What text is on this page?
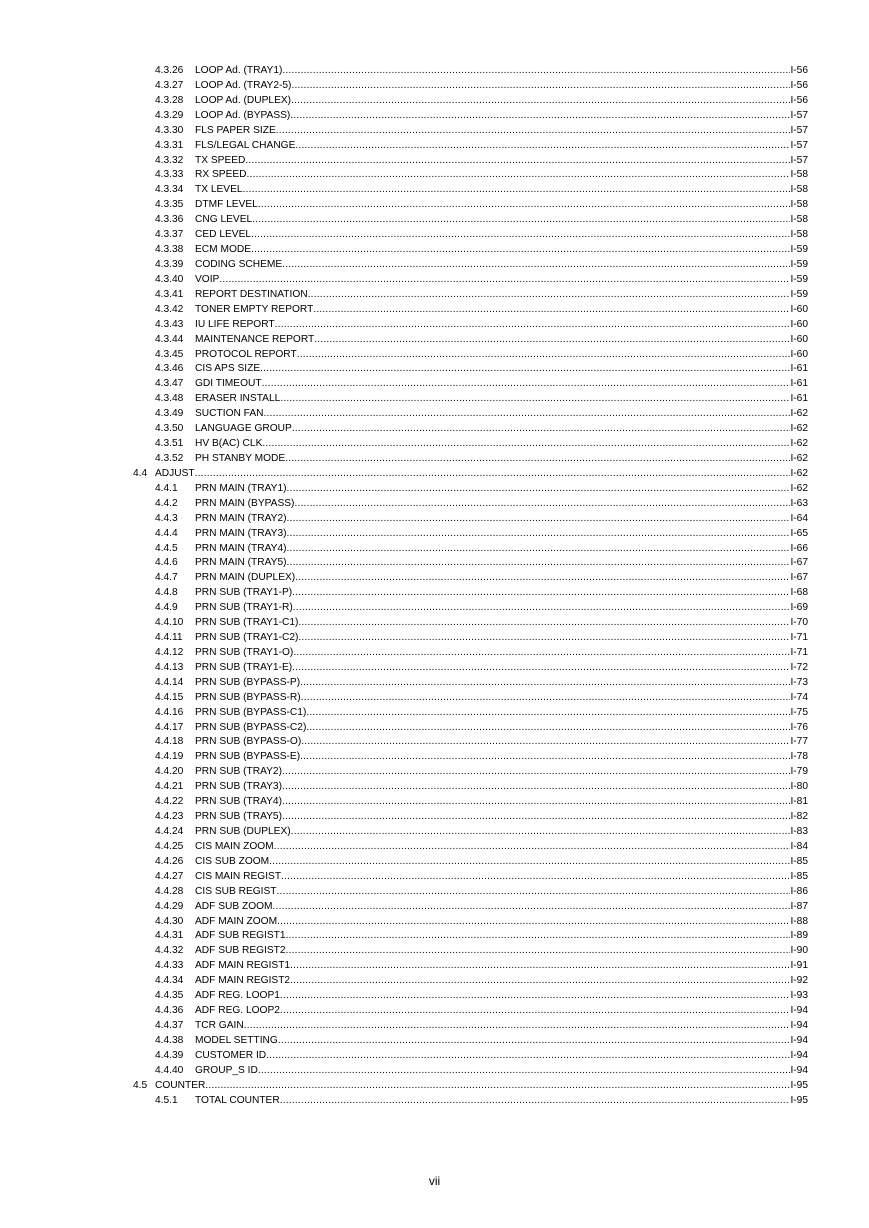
4.3.26	LOOP Ad. (TRAY1) .....	I-56
4.3.27	LOOP Ad. (TRAY2-5) .....	I-56
4.3.28	LOOP Ad. (DUPLEX) .....	I-56
4.3.29	LOOP Ad. (BYPASS) .....	I-57
4.3.30	FLS PAPER SIZE .....	I-57
4.3.31	FLS/LEGAL CHANGE .....	I-57
4.3.32	TX SPEED .....	I-57
4.3.33	RX SPEED .....	I-58
4.3.34	TX LEVEL .....	I-58
4.3.35	DTMF LEVEL .....	I-58
4.3.36	CNG LEVEL .....	I-58
4.3.37	CED LEVEL .....	I-58
4.3.38	ECM MODE .....	I-59
4.3.39	CODING SCHEME .....	I-59
4.3.40	VOIP .....	I-59
4.3.41	REPORT DESTINATION .....	I-59
4.3.42	TONER EMPTY REPORT .....	I-60
4.3.43	IU LIFE REPORT .....	I-60
4.3.44	MAINTENANCE REPORT .....	I-60
4.3.45	PROTOCOL REPORT .....	I-60
4.3.46	CIS APS SIZE .....	I-61
4.3.47	GDI TIMEOUT .....	I-61
4.3.48	ERASER INSTALL .....	I-61
4.3.49	SUCTION FAN .....	I-62
4.3.50	LANGUAGE GROUP .....	I-62
4.3.51	HV B(AC) CLK .....	I-62
4.3.52	PH STANBY MODE .....	I-62
4.4 ADJUST .....	I-62
4.4.1	PRN MAIN (TRAY1) .....	I-62
4.4.2	PRN MAIN (BYPASS) .....	I-63
4.4.3	PRN MAIN (TRAY2) .....	I-64
4.4.4	PRN MAIN (TRAY3) .....	I-65
4.4.5	PRN MAIN (TRAY4) .....	I-66
4.4.6	PRN MAIN (TRAY5) .....	I-67
4.4.7	PRN MAIN (DUPLEX) .....	I-67
4.4.8	PRN SUB (TRAY1-P) .....	I-68
4.4.9	PRN SUB (TRAY1-R) .....	I-69
4.4.10	PRN SUB (TRAY1-C1) .....	I-70
4.4.11	PRN SUB (TRAY1-C2) .....	I-71
4.4.12	PRN SUB (TRAY1-O) .....	I-71
4.4.13	PRN SUB (TRAY1-E) .....	I-72
4.4.14	PRN SUB (BYPASS-P) .....	I-73
4.4.15	PRN SUB (BYPASS-R) .....	I-74
4.4.16	PRN SUB (BYPASS-C1) .....	I-75
4.4.17	PRN SUB (BYPASS-C2) .....	I-76
4.4.18	PRN SUB (BYPASS-O) .....	I-77
4.4.19	PRN SUB (BYPASS-E) .....	I-78
4.4.20	PRN SUB (TRAY2) .....	I-79
4.4.21	PRN SUB (TRAY3) .....	I-80
4.4.22	PRN SUB (TRAY4) .....	I-81
4.4.23	PRN SUB (TRAY5) .....	I-82
4.4.24	PRN SUB (DUPLEX) .....	I-83
4.4.25	CIS MAIN ZOOM .....	I-84
4.4.26	CIS SUB ZOOM .....	I-85
4.4.27	CIS MAIN REGIST .....	I-85
4.4.28	CIS SUB REGIST .....	I-86
4.4.29	ADF SUB ZOOM .....	I-87
4.4.30	ADF MAIN ZOOM .....	I-88
4.4.31	ADF SUB REGIST1 .....	I-89
4.4.32	ADF SUB REGIST2 .....	I-90
4.4.33	ADF MAIN REGIST1 .....	I-91
4.4.34	ADF MAIN REGIST2 .....	I-92
4.4.35	ADF REG. LOOP1 .....	I-93
4.4.36	ADF REG. LOOP2 .....	I-94
4.4.37	TCR GAIN .....	I-94
4.4.38	MODEL SETTING .....	I-94
4.4.39	CUSTOMER ID .....	I-94
4.4.40	GROUP_S ID .....	I-94
4.5 COUNTER .....	I-95
4.5.1	TOTAL COUNTER .....	I-95
vii
